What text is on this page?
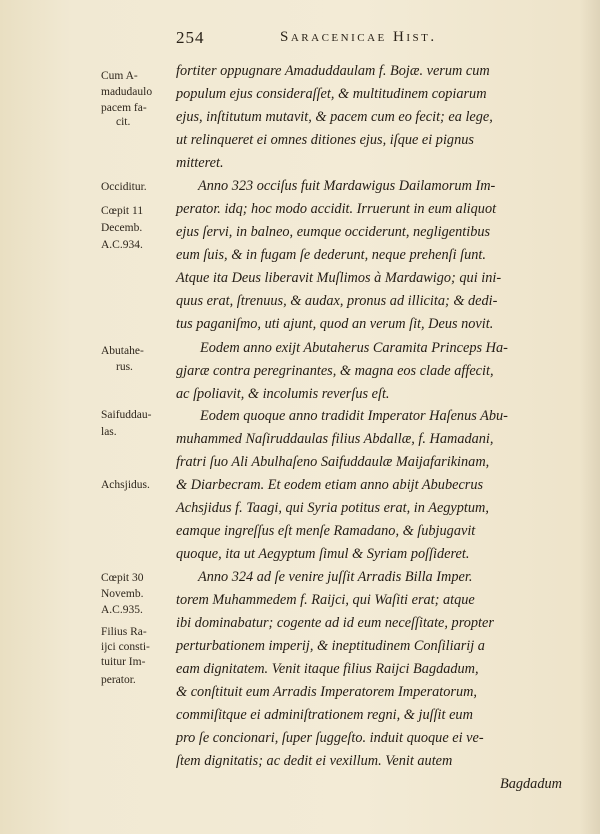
254	Saracenicae Hist.
Cum A-
madudaulo
pacem fa-
cit.
Occiditur.
Cœpit 11
Decemb.
A.C.934.
Abutahe-
rus.
Saifuddau-
las.
Achsjidus.
Cœpit 30
Novemb.
A.C.935.
Filius Ra-
ijci consti-
tuitur Im-
perator.
fortiter oppugnare Amaduddaulam f. Bojæ. verum cum
populum ejus consideraſſet, & multitudinem copiarum
ejus, inſtitutum mutavit, & pacem cum eo fecit; ea lege,
ut relinqueret ei omnes ditiones ejus, iſque ei pignus
mitteret.
Anno 323 occiſus fuit Mardawigus Dailamorum Im-
perator. idq; hoc modo accidit. Irruerunt in eum aliquot
ejus ſervi, in balneo, eumque occiderunt, negligentibus
eum ſuis, & in fugam ſe dederunt, neque prehenſi ſunt.
Atque ita Deus liberavit Muſlimos à Mardawigo; qui ini-
quus erat, ſtrenuus, & audax, pronus ad illicita; & dedi-
tus paganiſmo, uti ajunt, quod an verum ſit, Deus novit.
Eodem anno exijt Abutaherus Caramita Princeps Ha-
gjaræ contra peregrinantes, & magna eos clade affecit,
ac ſpoliavit, & incolumis reverſus eſt.
Eodem quoque anno tradidit Imperator Haſenus Abu-
muhammed Naſiruddaulas filius Abdallæ, f. Hamadani,
fratri ſuo Ali Abulhaſeno Saifuddaulæ Maijafarikinam,
& Diarbecram. Et eodem etiam anno abijt Abubecrus
Achsjidus f. Taagi, qui Syria potitus erat, in Aegyptum,
eamque ingreſſus eſt menſe Ramadano, & ſubjugavit
quoque, ita ut Aegyptum ſimul & Syriam poſſideret.
Anno 324 ad ſe venire juſſit Arradis Billa Imper.
torem Muhammedem f. Raijci, qui Waſiti erat; atque
ibi dominabatur; cogente ad id eum neceſſitate, propter
perturbationem imperij, & ineptitudinem Conſiliarij a
eam dignitatem. Venit itaque filius Raijci Bagdadum,
& conſtituit eum Arradis Imperatorem Imperatorum,
commiſitque ei adminiſtrationem regni, & juſſit eum
pro ſe concionari, ſuper ſuggeſto. induit quoque ei ve-
ſtem dignitatis; ac dedit ei vexillum. Venit autem
Bagdadum
